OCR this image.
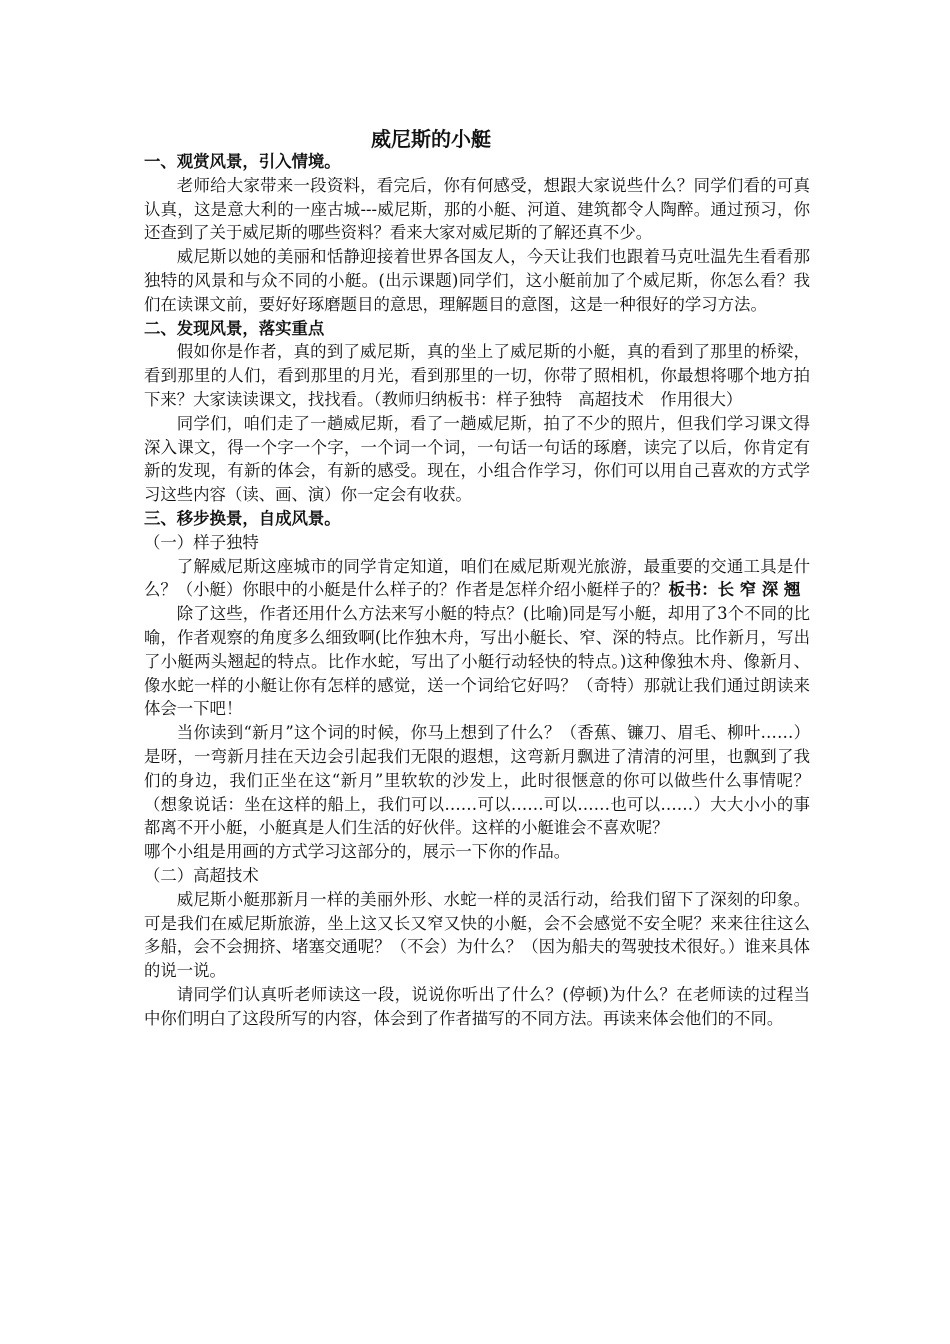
威尼斯的小艇

一、观赏风景，引入情境。

老师给大家带来一段资料，看完后，你有何感受，想跟大家说些什么？同学们看的可真认真，这是意大利的一座古城---威尼斯，那的小艇、河道、建筑都令人陶醉。通过预习，你还查到了关于威尼斯的哪些资料？看来大家对威尼斯的了解还真不少。

威尼斯以她的美丽和恬静迎接着世界各国友人，今天让我们也跟着马克吐温先生看看那独特的风景和与众不同的小艇。(出示课题)同学们，这小艇前加了个威尼斯，你怎么看？我们在读课文前，要好好琢磨题目的意思，理解题目的意图，这是一种很好的学习方法。

二、发现风景，落实重点

假如你是作者，真的到了威尼斯，真的坐上了威尼斯的小艇，真的看到了那里的桥梁，看到那里的人们，看到那里的月光，看到那里的一切，你带了照相机，你最想将哪个地方拍下来？大家读读课文，找找看。（教师归纳板书：样子独特　高超技术　作用很大）

同学们，咱们走了一趟威尼斯，看了一趟威尼斯，拍了不少的照片，但我们学习课文得深入课文，得一个字一个字，一个词一个词，一句话一句话的琢磨，读完了以后，你肯定有新的发现，有新的体会，有新的感受。现在，小组合作学习，你们可以用自己喜欢的方式学习这些内容（读、画、演）你一定会有收获。

三、移步换景，自成风景。

（一）样子独特

了解威尼斯这座城市的同学肯定知道，咱们在威尼斯观光旅游，最重要的交通工具是什么？（小艇）你眼中的小艇是什么样子的？作者是怎样介绍小艇样子的？板书：长 窄 深 翘

除了这些，作者还用什么方法来写小艇的特点？(比喻)同是写小艇，却用了3个不同的比喻，作者观察的角度多么细致啊(比作独木舟，写出小艇长、窄、深的特点。比作新月，写出了小艇两头翘起的特点。比作水蛇，写出了小艇行动轻快的特点。)这种像独木舟、像新月、像水蛇一样的小艇让你有怎样的感觉，送一个词给它好吗？（奇特）那就让我们通过朗读来体会一下吧！

当你读到“新月”这个词的时候，你马上想到了什么？（香蕉、镰刀、眉毛、柳叶……）是呀，一弯新月挂在天边会引起我们无限的遐想，这弯新月飘进了清清的河里，也飘到了我们的身边，我们正坐在这“新月”里软软的沙发上，此时很惬意的你可以做些什么事情呢？（想象说话：坐在这样的船上，我们可以……可以……可以……也可以……）大大小小的事都离不开小艇，小艇真是人们生活的好伙伴。这样的小艇谁会不喜欢呢？

哪个小组是用画的方式学习这部分的，展示一下你的作品。

（二）高超技术

威尼斯小艇那新月一样的美丽外形、水蛇一样的灵活行动，给我们留下了深刻的印象。可是我们在威尼斯旅游，坐上这又长又窄又快的小艇，会不会感觉不安全呢？来来往往这么多船，会不会拥挤、堵塞交通呢？（不会）为什么？（因为船夫的驾驶技术很好。）谁来具体的说一说。

请同学们认真听老师读这一段，说说你听出了什么？(停顿)为什么？在老师读的过程当中你们明白了这段所写的内容，体会到了作者描写的不同方法。再读来体会他们的不同。
